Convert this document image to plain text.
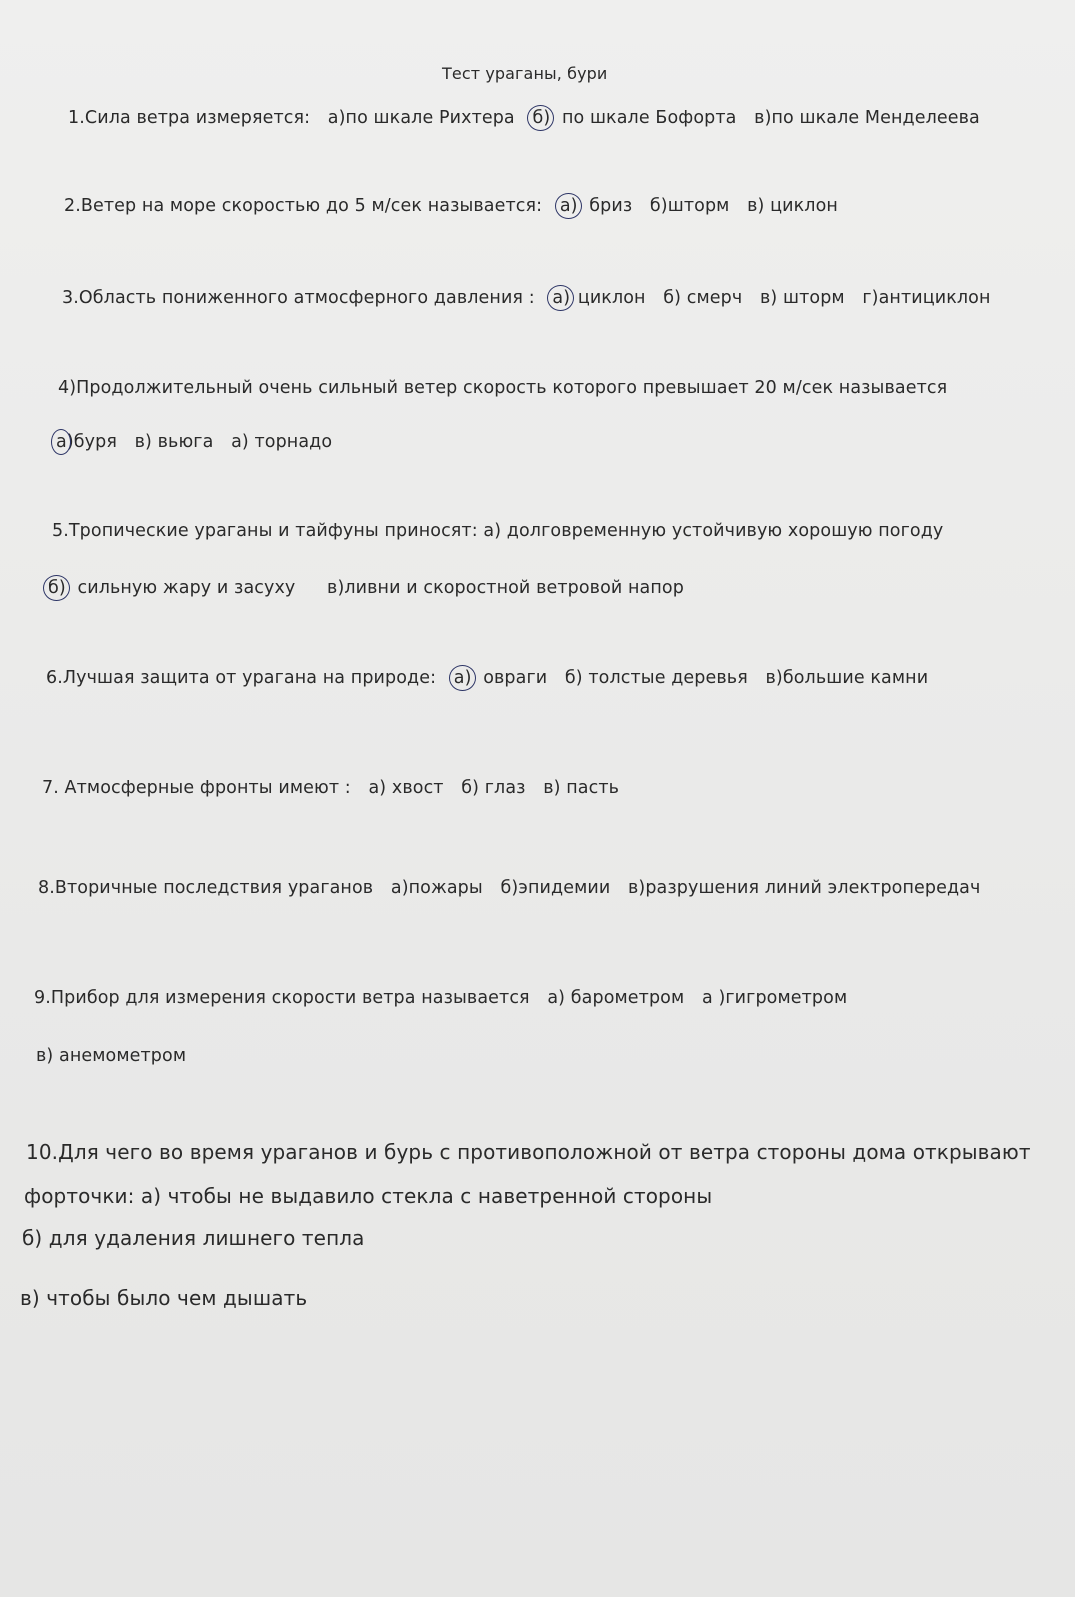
Тест ураганы, бури
1.Сила ветра измеряется: а)по шкале Рихтера б) по шкале Бофорта в)по шкале Менделеева
2.Ветер на море скоростью до 5 м/сек называется: а) бриз б)шторм в) циклон
3.Область пониженного атмосферного давления : а) циклон б) смерч в) шторм г)антициклон
4)Продолжительный очень сильный ветер скорость которого превышает 20 м/сек называется
а)буря в) вьюга а) торнадо
5.Тропические ураганы и тайфуны приносят: а) долговременную устойчивую хорошую погоду
б) сильную жару и засуху в)ливни и скоростной ветровой напор
6.Лучшая защита от урагана на природе: а) овраги б) толстые деревья в)большие камни
7. Атмосферные фронты имеют : а) хвост б) глаз в) пасть
8.Вторичные последствия ураганов а)пожары б)эпидемии в)разрушения линий электропередач
9.Прибор для измерения скорости ветра называется а) барометром а )гигрометром
в) анемометром
10.Для чего во время ураганов и бурь с противоположной от ветра стороны дома открывают
форточки: а) чтобы не выдавило стекла с наветренной стороны
б) для удаления лишнего тепла
в) чтобы было чем дышать
